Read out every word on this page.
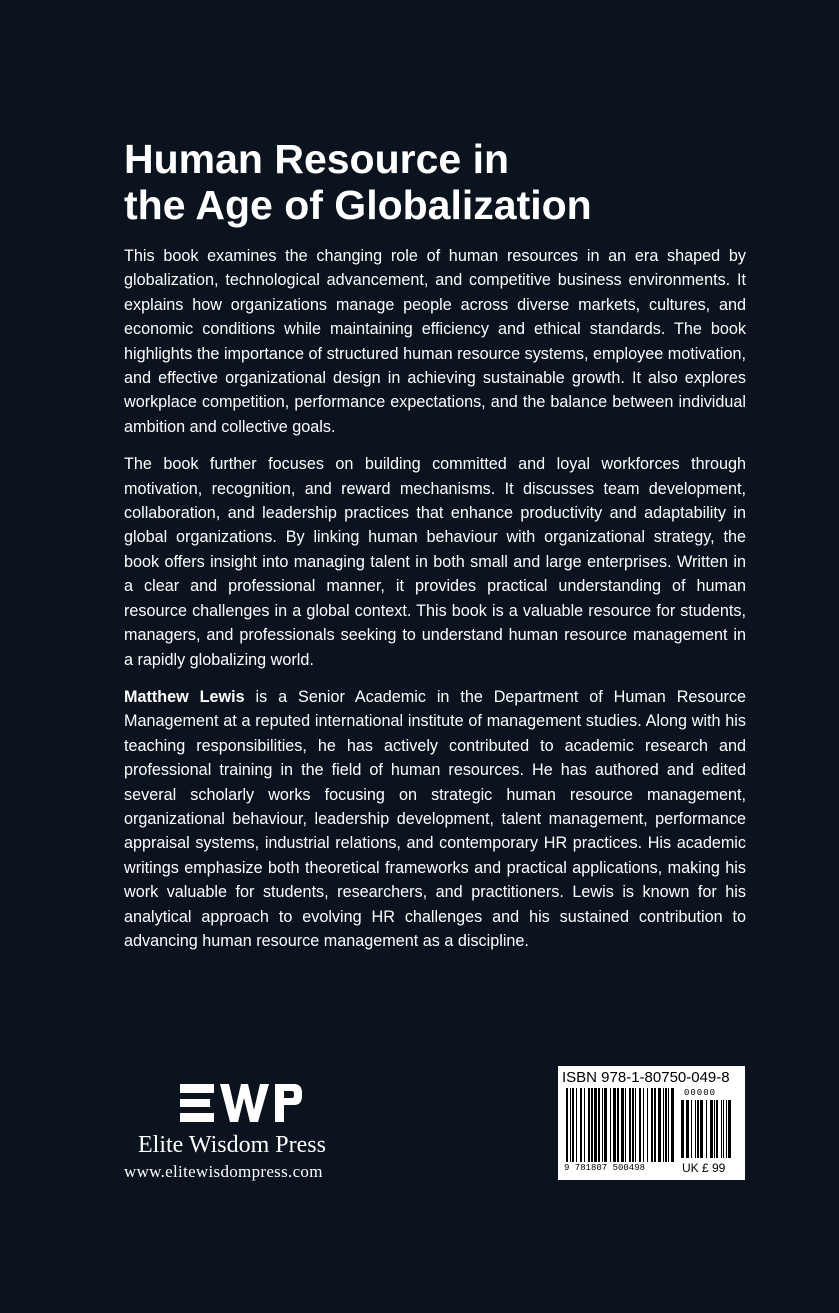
Human Resource in
the Age of Globalization

This book examines the changing role of human resources in an era shaped by globalization, technological advancement, and competitive business environments. It explains how organizations manage people across diverse markets, cultures, and economic conditions while maintaining efficiency and ethical standards. The book highlights the importance of structured human resource systems, employee motivation, and effective organizational design in achieving sustainable growth. It also explores workplace competition, performance expectations, and the balance between individual ambition and collective goals.

The book further focuses on building committed and loyal workforces through motivation, recognition, and reward mechanisms. It discusses team development, collaboration, and leadership practices that enhance productivity and adaptability in global organizations. By linking human behaviour with organizational strategy, the book offers insight into managing talent in both small and large enterprises. Written in a clear and professional manner, it provides practical understanding of human resource challenges in a global context. This book is a valuable resource for students, managers, and professionals seeking to understand human resource management in a rapidly globalizing world.

Matthew Lewis is a Senior Academic in the Department of Human Resource Management at a reputed international institute of management studies. Along with his teaching responsibilities, he has actively contributed to academic research and professional training in the field of human resources. He has authored and edited several scholarly works focusing on strategic human resource management, organizational behaviour, leadership development, talent management, performance appraisal systems, industrial relations, and contemporary HR practices. His academic writings emphasize both theoretical frameworks and practical applications, making his work valuable for students, researchers, and practitioners. Lewis is known for his analytical approach to evolving HR challenges and his sustained contribution to advancing human resource management as a discipline.

Elite Wisdom Press
www.elitewisdompress.com
ISBN 978-1-80750-049-8
00000
9 781807 500498	UK £ 99
